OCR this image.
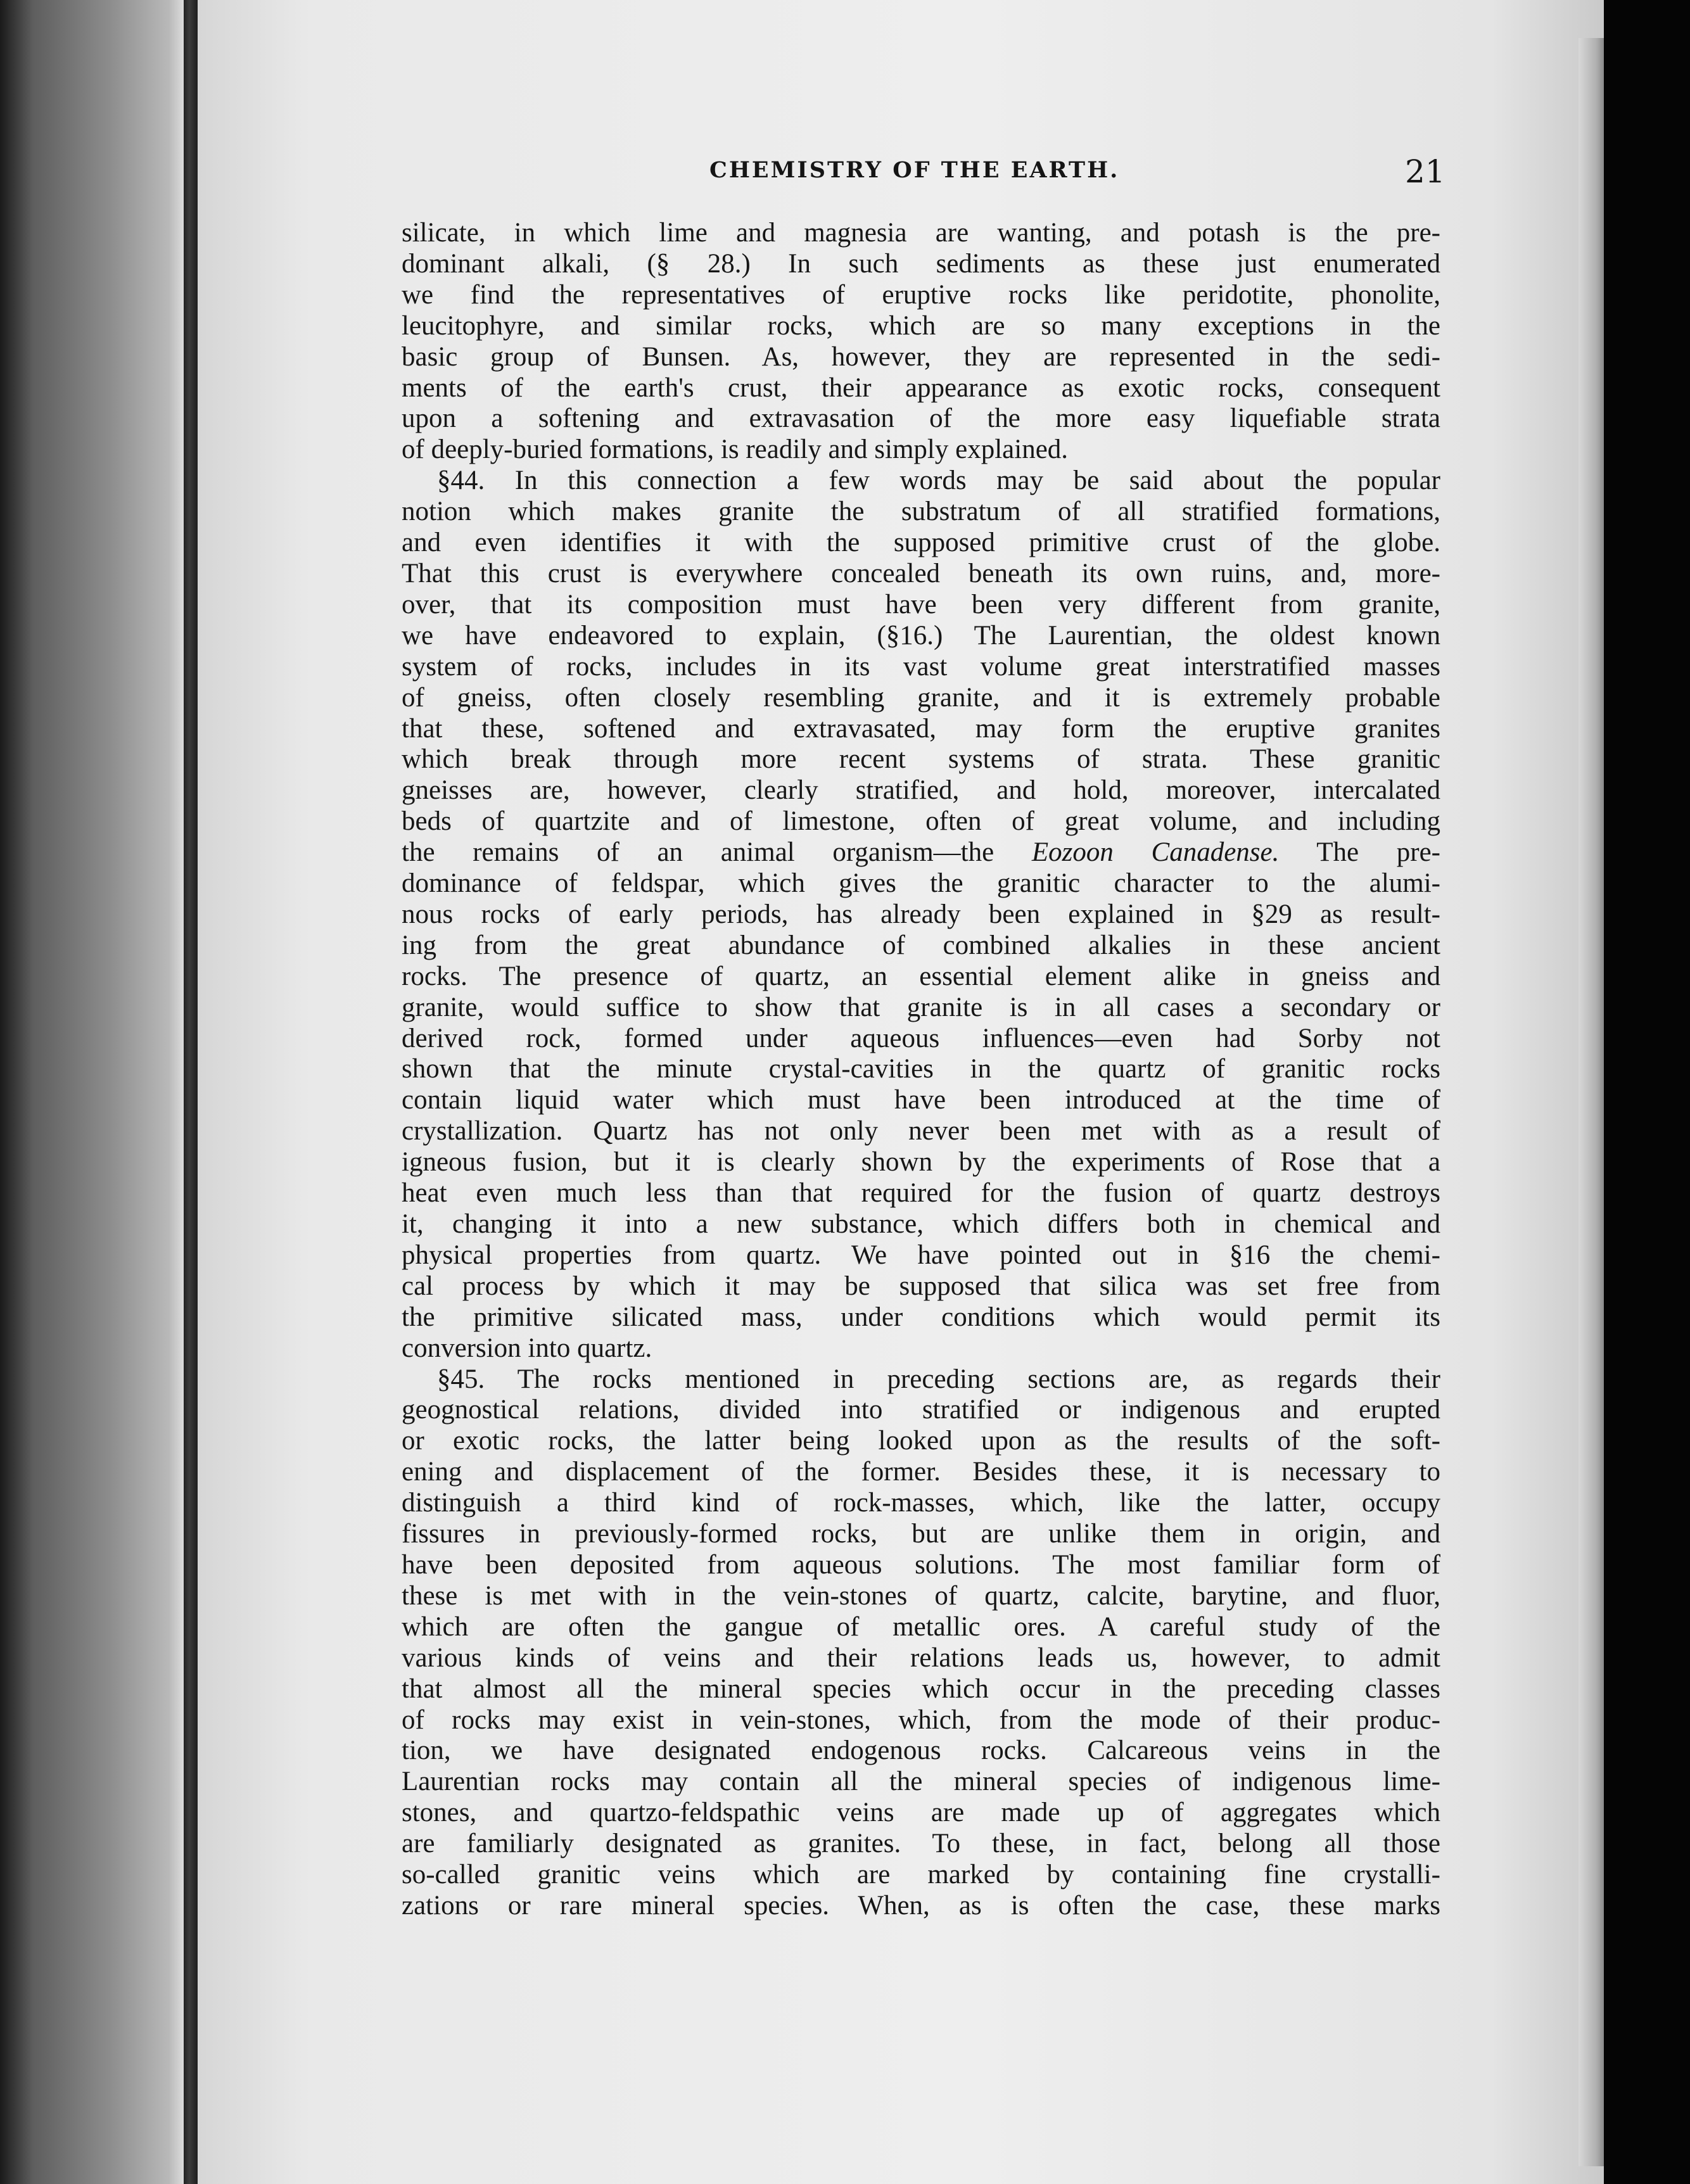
CHEMISTRY OF THE EARTH.	21
silicate, in which lime and magnesia are wanting, and potash is the pre-
dominant alkali, (§ 28.) In such sediments as these just enumerated
we find the representatives of eruptive rocks like peridotite, phonolite,
leucitophyre, and similar rocks, which are so many exceptions in the
basic group of Bunsen. As, however, they are represented in the sedi-
ments of the earth's crust, their appearance as exotic rocks, consequent
upon a softening and extravasation of the more easy liquefiable strata
of deeply-buried formations, is readily and simply explained.
§44. In this connection a few words may be said about the popular
notion which makes granite the substratum of all stratified formations,
and even identifies it with the supposed primitive crust of the globe.
That this crust is everywhere concealed beneath its own ruins, and, more-
over, that its composition must have been very different from granite,
we have endeavored to explain, (§16.) The Laurentian, the oldest known
system of rocks, includes in its vast volume great interstratified masses
of gneiss, often closely resembling granite, and it is extremely probable
that these, softened and extravasated, may form the eruptive granites
which break through more recent systems of strata. These granitic
gneisses are, however, clearly stratified, and hold, moreover, intercalated
beds of quartzite and of limestone, often of great volume, and including
the remains of an animal organism—the Eozoon Canadense. The pre-
dominance of feldspar, which gives the granitic character to the alumi-
nous rocks of early periods, has already been explained in §29 as result-
ing from the great abundance of combined alkalies in these ancient
rocks. The presence of quartz, an essential element alike in gneiss and
granite, would suffice to show that granite is in all cases a secondary or
derived rock, formed under aqueous influences—even had Sorby not
shown that the minute crystal-cavities in the quartz of granitic rocks
contain liquid water which must have been introduced at the time of
crystallization. Quartz has not only never been met with as a result of
igneous fusion, but it is clearly shown by the experiments of Rose that a
heat even much less than that required for the fusion of quartz destroys
it, changing it into a new substance, which differs both in chemical and
physical properties from quartz. We have pointed out in §16 the chemi-
cal process by which it may be supposed that silica was set free from
the primitive silicated mass, under conditions which would permit its
conversion into quartz.
§45. The rocks mentioned in preceding sections are, as regards their
geognostical relations, divided into stratified or indigenous and erupted
or exotic rocks, the latter being looked upon as the results of the soft-
ening and displacement of the former. Besides these, it is necessary to
distinguish a third kind of rock-masses, which, like the latter, occupy
fissures in previously-formed rocks, but are unlike them in origin, and
have been deposited from aqueous solutions. The most familiar form of
these is met with in the vein-stones of quartz, calcite, barytine, and fluor,
which are often the gangue of metallic ores. A careful study of the
various kinds of veins and their relations leads us, however, to admit
that almost all the mineral species which occur in the preceding classes
of rocks may exist in vein-stones, which, from the mode of their produc-
tion, we have designated endogenous rocks. Calcareous veins in the
Laurentian rocks may contain all the mineral species of indigenous lime-
stones, and quartzo-feldspathic veins are made up of aggregates which
are familiarly designated as granites. To these, in fact, belong all those
so-called granitic veins which are marked by containing fine crystalli-
zations or rare mineral species. When, as is often the case, these marks
